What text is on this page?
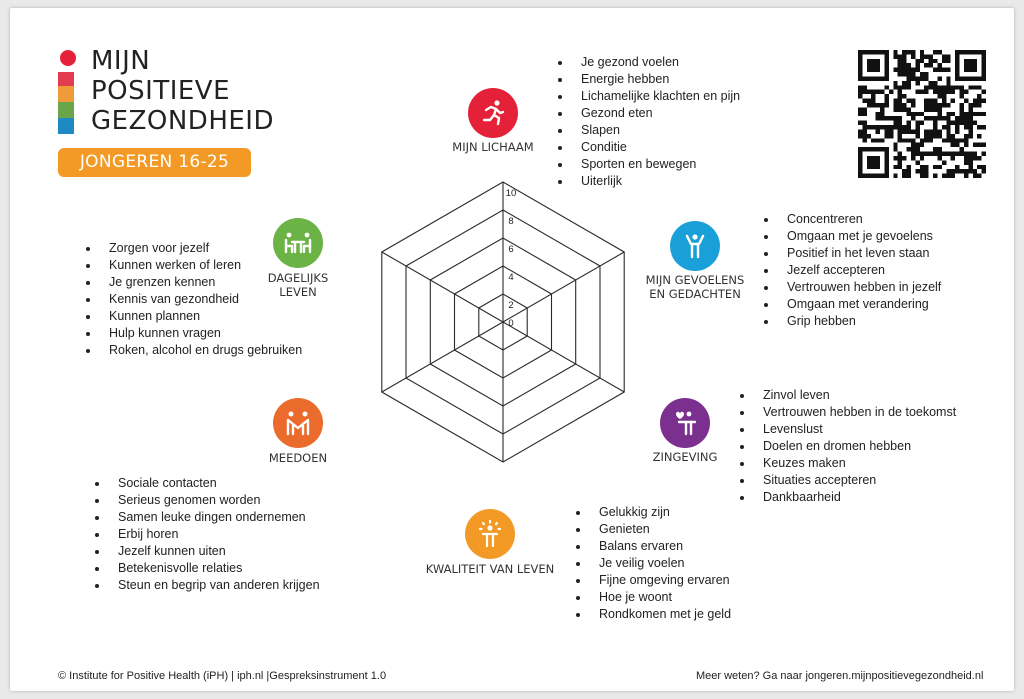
MIJN
POSITIEVE
GEZONDHEID
JONGEREN 16-25 JAAR
0
2
4
6
8
10
MIJN LICHAAM
Je gezond voelen
Energie hebben
Lichamelijke klachten en pijn
Gezond eten
Slapen
Conditie
Sporten en bewegen
Uiterlijk
MIJN GEVOELENS
EN GEDACHTEN
Concentreren
Omgaan met je gevoelens
Positief in het leven staan
Jezelf accepteren
Vertrouwen hebben in jezelf
Omgaan met verandering
Grip hebben
ZINGEVING
Zinvol leven
Vertrouwen hebben in de toekomst
Levenslust
Doelen en dromen hebben
Keuzes maken
Situaties accepteren
Dankbaarheid
KWALITEIT VAN LEVEN
Gelukkig zijn
Genieten
Balans ervaren
Je veilig voelen
Fijne omgeving ervaren
Hoe je woont
Rondkomen met je geld
MEEDOEN
Sociale contacten
Serieus genomen worden
Samen leuke dingen ondernemen
Erbij horen
Jezelf kunnen uiten
Betekenisvolle relaties
Steun en begrip van anderen krijgen
DAGELIJKS
LEVEN
Zorgen voor jezelf
Kunnen werken of leren
Je grenzen kennen
Kennis van gezondheid
Kunnen plannen
Hulp kunnen vragen
Roken, alcohol en drugs gebruiken
© Institute for Positive Health (iPH) | iph.nl |Gespreksinstrument 1.0	Meer weten? Ga naar jongeren.mijnpositievegezondheid.nl
